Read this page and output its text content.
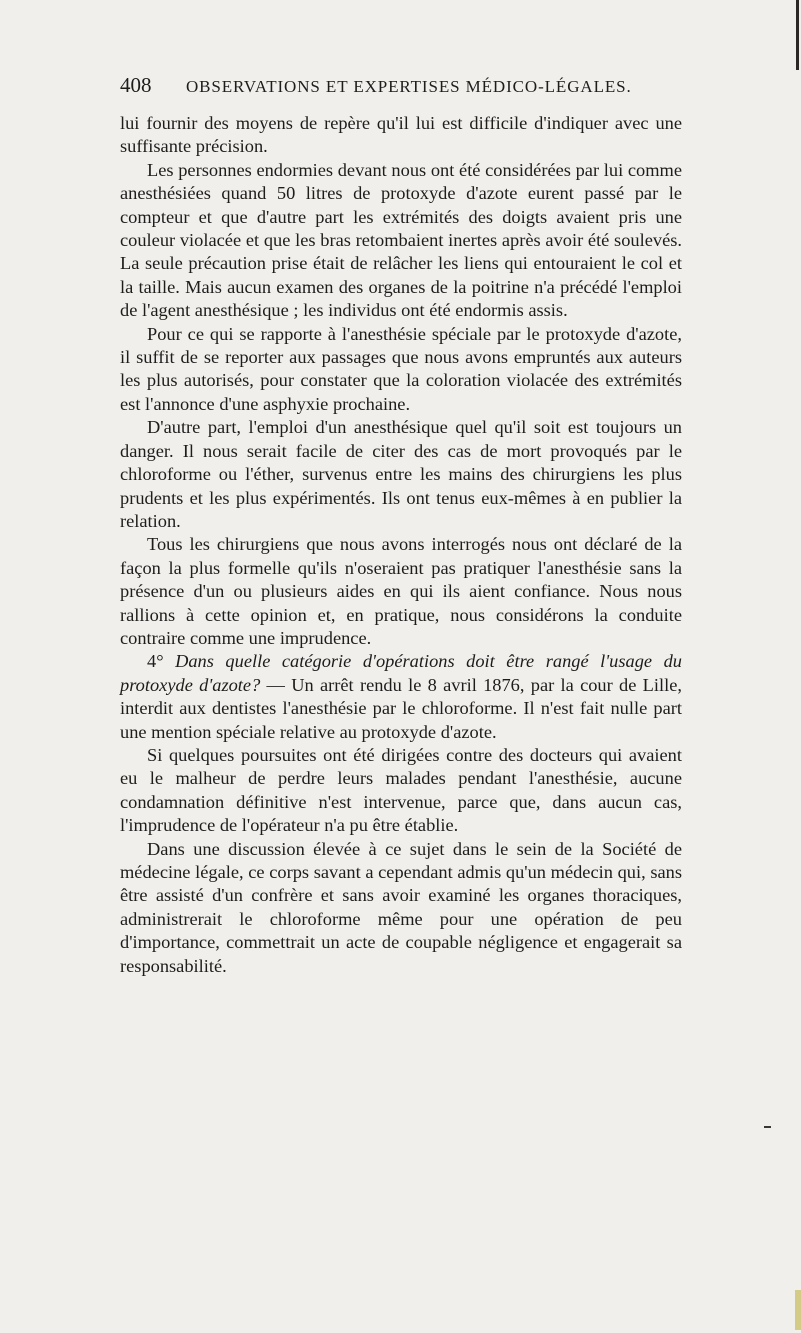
408 OBSERVATIONS ET EXPERTISES MÉDICO-LÉGALES.

lui fournir des moyens de repère qu'il lui est difficile d'indiquer avec une suffisante précision.

Les personnes endormies devant nous ont été considérées par lui comme anesthésiées quand 50 litres de protoxyde d'azote eurent passé par le compteur et que d'autre part les extrémités des doigts avaient pris une couleur violacée et que les bras retombaient inertes après avoir été soulevés. La seule précaution prise était de relâcher les liens qui entouraient le col et la taille. Mais aucun examen des organes de la poitrine n'a précédé l'emploi de l'agent anesthésique ; les individus ont été endormis assis.

Pour ce qui se rapporte à l'anesthésie spéciale par le protoxyde d'azote, il suffit de se reporter aux passages que nous avons empruntés aux auteurs les plus autorisés, pour constater que la coloration violacée des extrémités est l'annonce d'une asphyxie prochaine.

D'autre part, l'emploi d'un anesthésique quel qu'il soit est toujours un danger. Il nous serait facile de citer des cas de mort provoqués par le chloroforme ou l'éther, survenus entre les mains des chirurgiens les plus prudents et les plus expérimentés. Ils ont tenus eux-mêmes à en publier la relation.

Tous les chirurgiens que nous avons interrogés nous ont déclaré de la façon la plus formelle qu'ils n'oseraient pas pratiquer l'anesthésie sans la présence d'un ou plusieurs aides en qui ils aient confiance. Nous nous rallions à cette opinion et, en pratique, nous considérons la conduite contraire comme une imprudence.

4° Dans quelle catégorie d'opérations doit être rangé l'usage du protoxyde d'azote? — Un arrêt rendu le 8 avril 1876, par la cour de Lille, interdit aux dentistes l'anesthésie par le chloroforme. Il n'est fait nulle part une mention spéciale relative au protoxyde d'azote.

Si quelques poursuites ont été dirigées contre des docteurs qui avaient eu le malheur de perdre leurs malades pendant l'anesthésie, aucune condamnation définitive n'est intervenue, parce que, dans aucun cas, l'imprudence de l'opérateur n'a pu être établie.

Dans une discussion élevée à ce sujet dans le sein de la Société de médecine légale, ce corps savant a cependant admis qu'un médecin qui, sans être assisté d'un confrère et sans avoir examiné les organes thoraciques, administrerait le chloroforme même pour une opération de peu d'importance, commettrait un acte de coupable négligence et engagerait sa responsabilité.
